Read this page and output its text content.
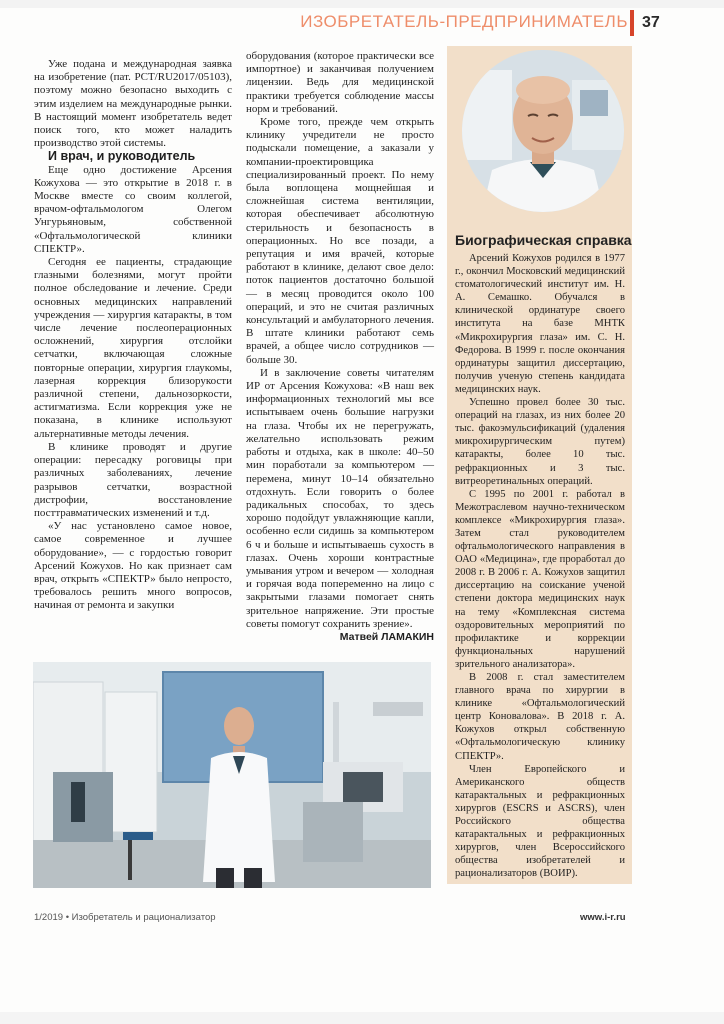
ИЗОБРЕТАТЕЛЬ-ПРЕДПРИНИМАТЕЛЬ 37

Уже подана и международная заявка на изобретение (пат. PCT/RU2017/05103), поэтому можно безопасно выходить с этим изделием на международные рынки. В настоящий момент изобретатель ведет поиск того, кто может наладить производство этой системы.

И врач, и руководитель

Еще одно достижение Арсения Кожухова — это открытие в 2018 г. в Москве вместе со своим коллегой, врачом-офтальмологом Олегом Унгурьяновым, собственной «Офтальмологической клиники СПЕКТР».

Сегодня ее пациенты, страдающие глазными болезнями, могут пройти полное обследование и лечение. Среди основных медицинских направлений учреждения — хирургия катаракты, в том числе лечение послеоперационных осложнений, хирургия отслойки сетчатки, включающая сложные повторные операции, хирургия глаукомы, лазерная коррекция близорукости различной степени, дальнозоркости, астигматизма. Если коррекция уже не показана, в клинике используют альтернативные методы лечения.

В клинике проводят и другие операции: пересадку роговицы при различных заболеваниях, лечение разрывов сетчатки, возрастной дистрофии, восстановление посттравматических изменений и т.д.

«У нас установлено самое новое, самое современное и лучшее оборудование», — с гордостью говорит Арсений Кожухов. Но как признает сам врач, открыть «СПЕКТР» было непросто, требовалось решить много вопросов, начиная от ремонта и закупки

оборудования (которое практически все импортное) и заканчивая получением лицензии. Ведь для медицинской практики требуется соблюдение массы норм и требований.

Кроме того, прежде чем открыть клинику учредители не просто подыскали помещение, а заказали у компании-проектировщика специализированный проект. По нему была воплощена мощнейшая и сложнейшая система вентиляции, которая обеспечивает абсолютную стерильность и безопасность в операционных. Но все позади, а репутация и имя врачей, которые работают в клинике, делают свое дело: поток пациентов достаточно большой — в месяц проводится около 100 операций, и это не считая различных консультаций и амбулаторного лечения. В штате клиники работают семь врачей, а общее число сотрудников — больше 30.

И в заключение советы читателям ИР от Арсения Кожухова: «В наш век информационных технологий мы все испытываем очень большие нагрузки на глаза. Чтобы их не перегружать, желательно использовать режим работы и отдыха, как в школе: 40–50 мин поработали за компьютером — перемена, минут 10–14 обязательно отдохнуть. Если говорить о более радикальных способах, то здесь хорошо подойдут увлажняющие капли, особенно если сидишь за компьютером 6 ч и больше и испытываешь сухость в глазах. Очень хороши контрастные умывания утром и вечером — холодная и горячая вода попеременно на лицо с закрытыми глазами помогает снять зрительное напряжение. Эти простые советы помогут сохранить зрение».

Матвей ЛАМАКИН

Биографическая справка

Арсений Кожухов родился в 1977 г., окончил Московский медицинский стоматологический институт им. Н. А. Семашко. Обучался в клинической ординатуре своего института на базе МНТК «Микрохирургия глаза» им. С. Н. Федорова. В 1999 г. после окончания ординатуры защитил диссертацию, получив ученую степень кандидата медицинских наук.

Успешно провел более 30 тыс. операций на глазах, из них более 20 тыс. факоэмульсификаций (удаления микрохирургическим путем) катаракты, более 10 тыс. рефракционных и 3 тыс. витреоретинальных операций.

С 1995 по 2001 г. работал в Межотраслевом научно-техническом комплексе «Микрохирургия глаза». Затем стал руководителем офтальмологического направления в ОАО «Медицина», где проработал до 2008 г. В 2006 г. А. Кожухов защитил диссертацию на соискание ученой степени доктора медицинских наук на тему «Комплексная система оздоровительных мероприятий по профилактике и коррекции функциональных нарушений зрительного анализатора».

В 2008 г. стал заместителем главного врача по хирургии в клинике «Офтальмологический центр Коновалова». В 2018 г. А. Кожухов открыл собственную «Офтальмологическую клинику СПЕКТР».

Член Европейского и Американского обществ катарактальных и рефракционных хирургов (ESCRS и ASCRS), член Российского общества катарактальных и рефракционных хирургов, член Всероссийского общества изобретателей и рационализаторов (ВОИР).

1/2019 • Изобретатель и рационализатор	www.i-r.ru
